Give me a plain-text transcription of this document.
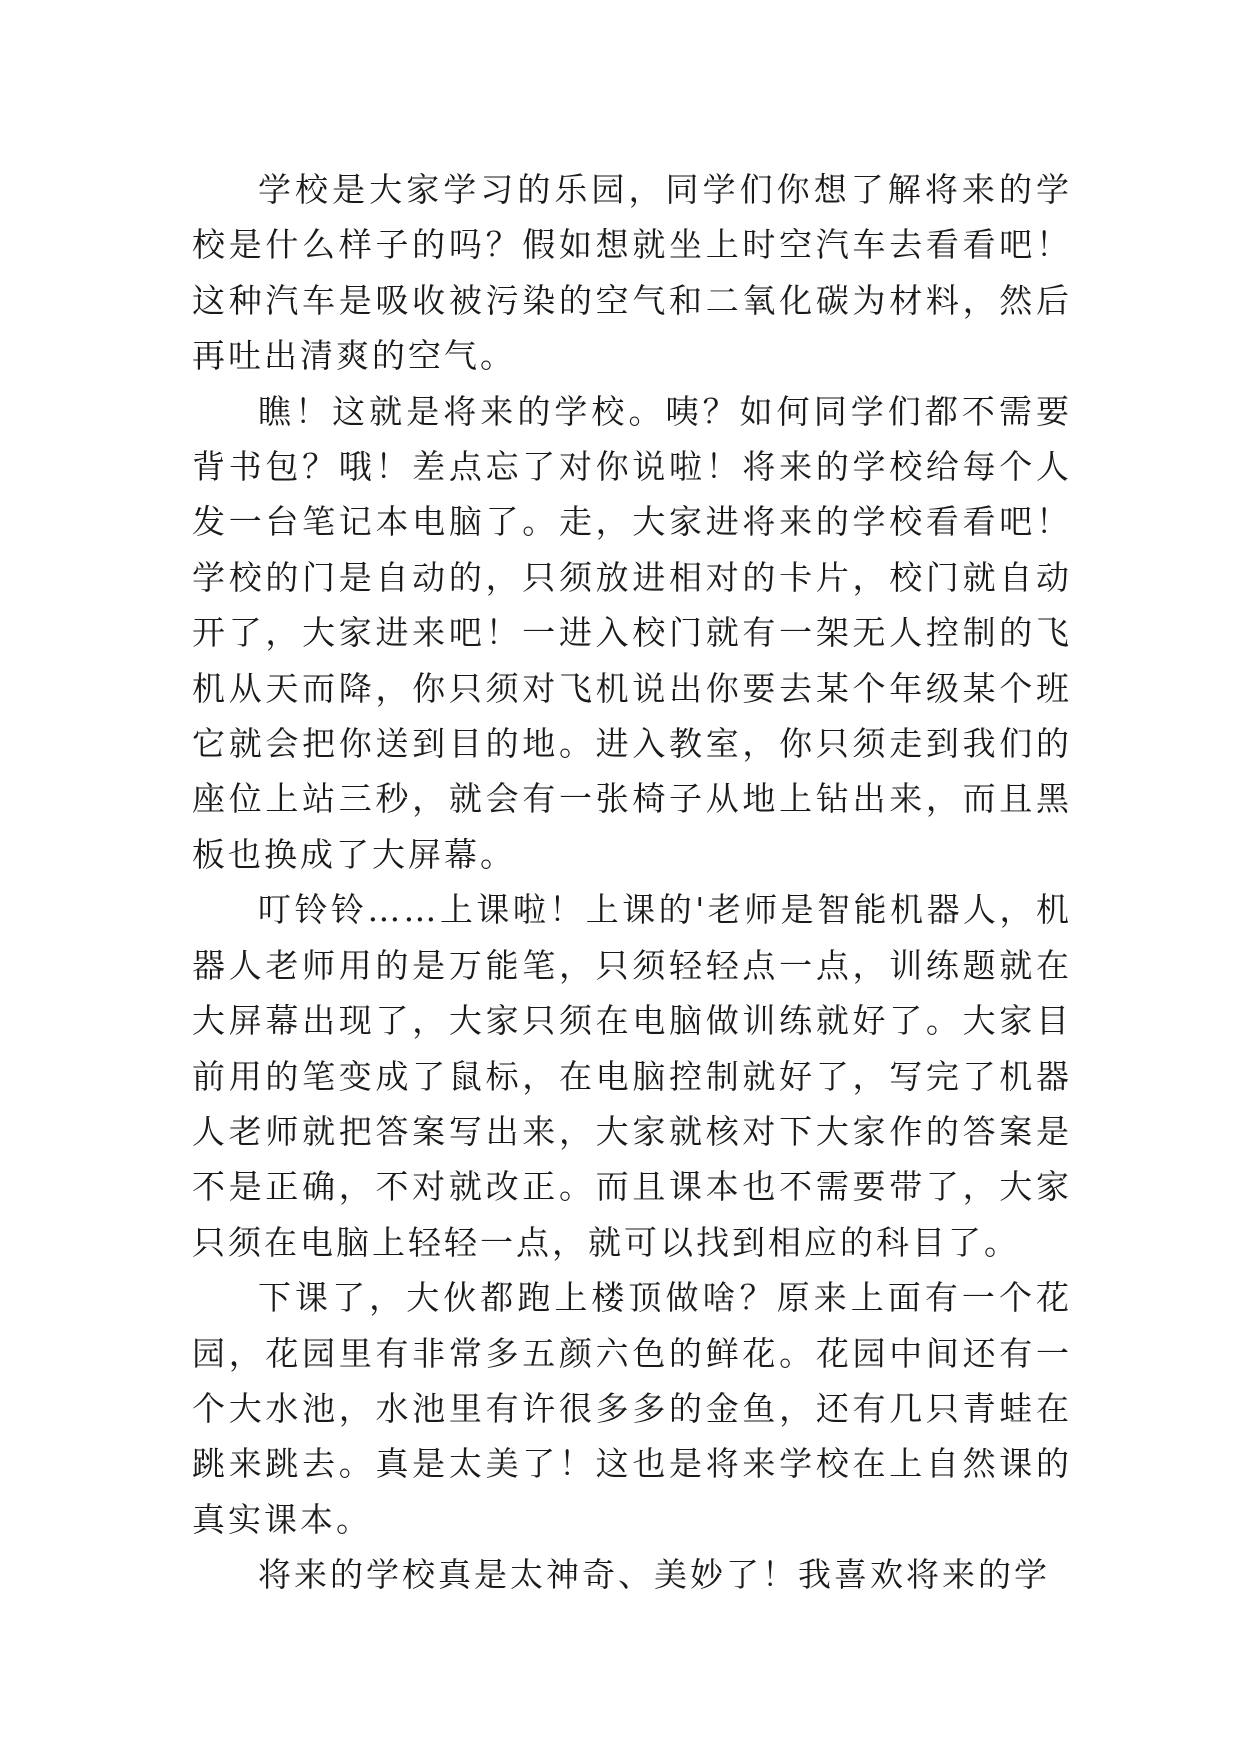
学校是大家学习的乐园，同学们你想了解将来的学校是什么样子的吗？假如想就坐上时空汽车去看看吧！这种汽车是吸收被污染的空气和二氧化碳为材料，然后再吐出清爽的空气。

瞧！这就是将来的学校。咦？如何同学们都不需要背书包？哦！差点忘了对你说啦！将来的学校给每个人发一台笔记本电脑了。走，大家进将来的学校看看吧！学校的门是自动的，只须放进相对的卡片，校门就自动开了，大家进来吧！一进入校门就有一架无人控制的飞机从天而降，你只须对飞机说出你要去某个年级某个班它就会把你送到目的地。进入教室，你只须走到我们的座位上站三秒，就会有一张椅子从地上钻出来，而且黑板也换成了大屏幕。

叮铃铃……上课啦！上课的'老师是智能机器人，机器人老师用的是万能笔，只须轻轻点一点，训练题就在大屏幕出现了，大家只须在电脑做训练就好了。大家目前用的笔变成了鼠标，在电脑控制就好了，写完了机器人老师就把答案写出来，大家就核对下大家作的答案是不是正确，不对就改正。而且课本也不需要带了，大家只须在电脑上轻轻一点，就可以找到相应的科目了。

下课了，大伙都跑上楼顶做啥？原来上面有一个花园，花园里有非常多五颜六色的鲜花。花园中间还有一个大水池，水池里有许很多多的金鱼，还有几只青蛙在跳来跳去。真是太美了！这也是将来学校在上自然课的真实课本。

将来的学校真是太神奇、美妙了！我喜欢将来的学
